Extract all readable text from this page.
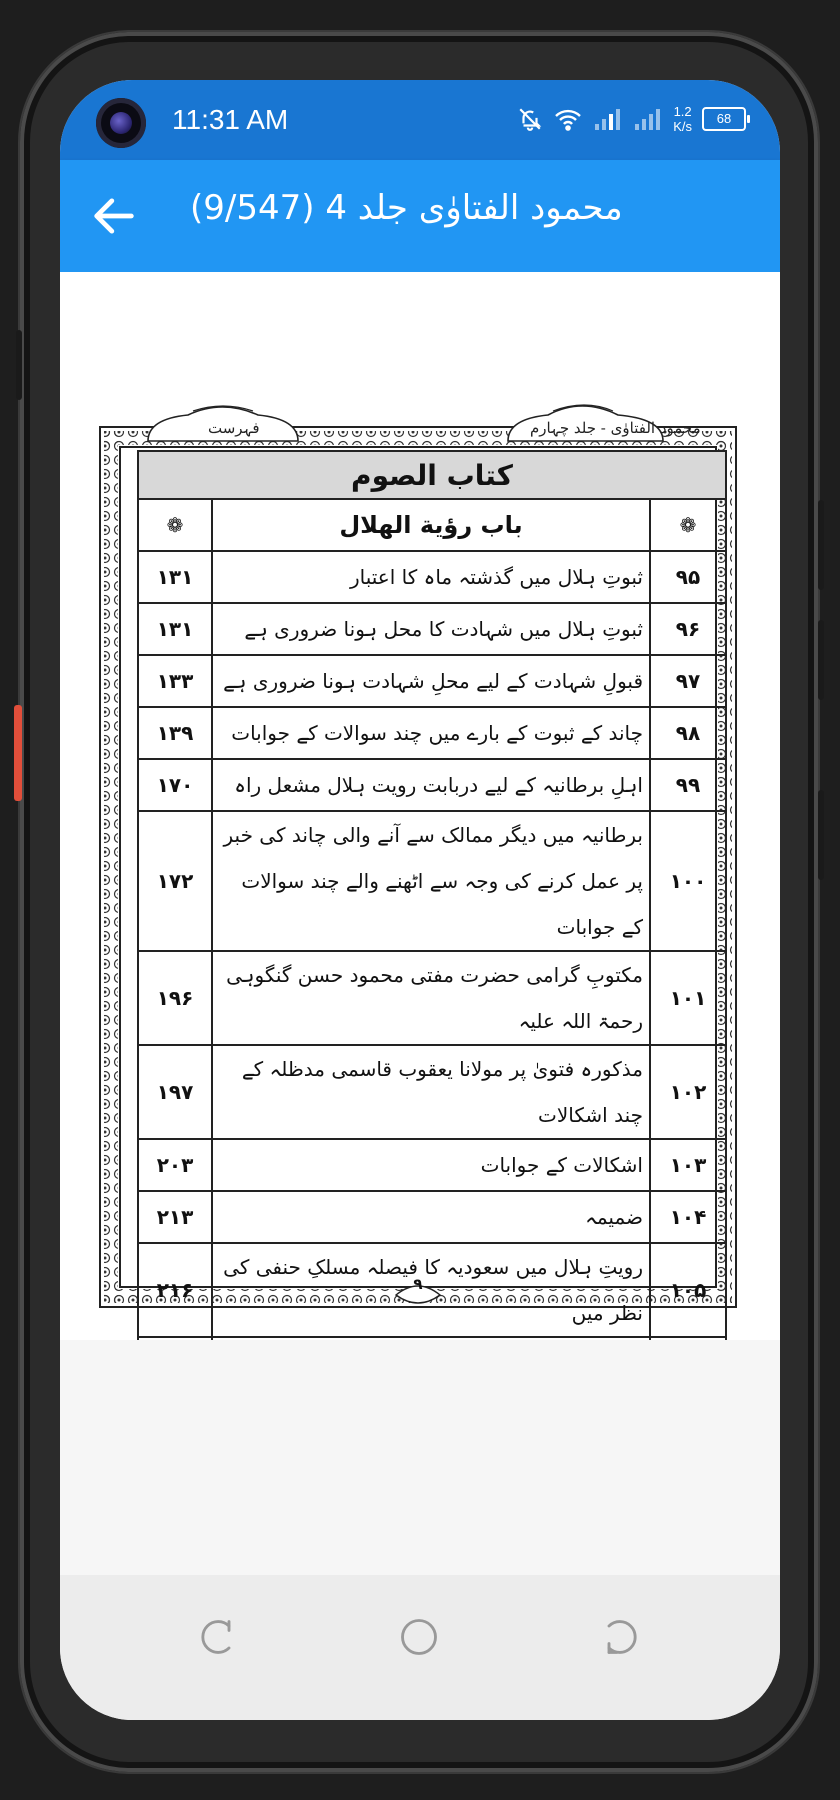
11:31 AM	1.2
K/s
68
محمود الفتاوٰی جلد 4 (9/547)
فہرست	محمود الفتاوٰی - جلد چہارم
كتاب الصوم		
❁	باب رؤية الهلال	❁
۹۵	ثبوتِ ہلال میں گذشتہ ماہ کا اعتبار	۱۳۱
۹۶	ثبوتِ ہلال میں شہادت کا محل ہونا ضروری ہے	۱۳۱
۹۷	قبولِ شہادت کے لیے محلِ شہادت ہونا ضروری ہے	۱۳۳
۹۸	چاند کے ثبوت کے بارے میں چند سوالات کے جوابات	۱۳۹
۹۹	اہلِ برطانیہ کے لیے دربابت رویت ہلال مشعل راہ	۱۷۰
۱۰۰	برطانیہ میں دیگر ممالک سے آنے والی چاند کی خبر پر عمل کرنے کی وجہ سے اٹھنے والے چند سوالات کے جوابات	۱۷۲
۱۰۱	مکتوبِ گرامی حضرت مفتی محمود حسن گنگوہی رحمۃ اللہ علیہ	۱۹۶
۱۰۲	مذکورہ فتویٰ پر مولانا یعقوب قاسمی مدظلہ کے چند اشکالات	۱۹۷
۱۰۳	اشکالات کے جوابات	۲۰۳
۱۰۴	ضمیمہ	۲۱۳
۱۰۵	رویتِ ہلال میں سعودیہ کا فیصلہ مسلکِ حنفی کی نظر میں	۲۱۶

			۹
